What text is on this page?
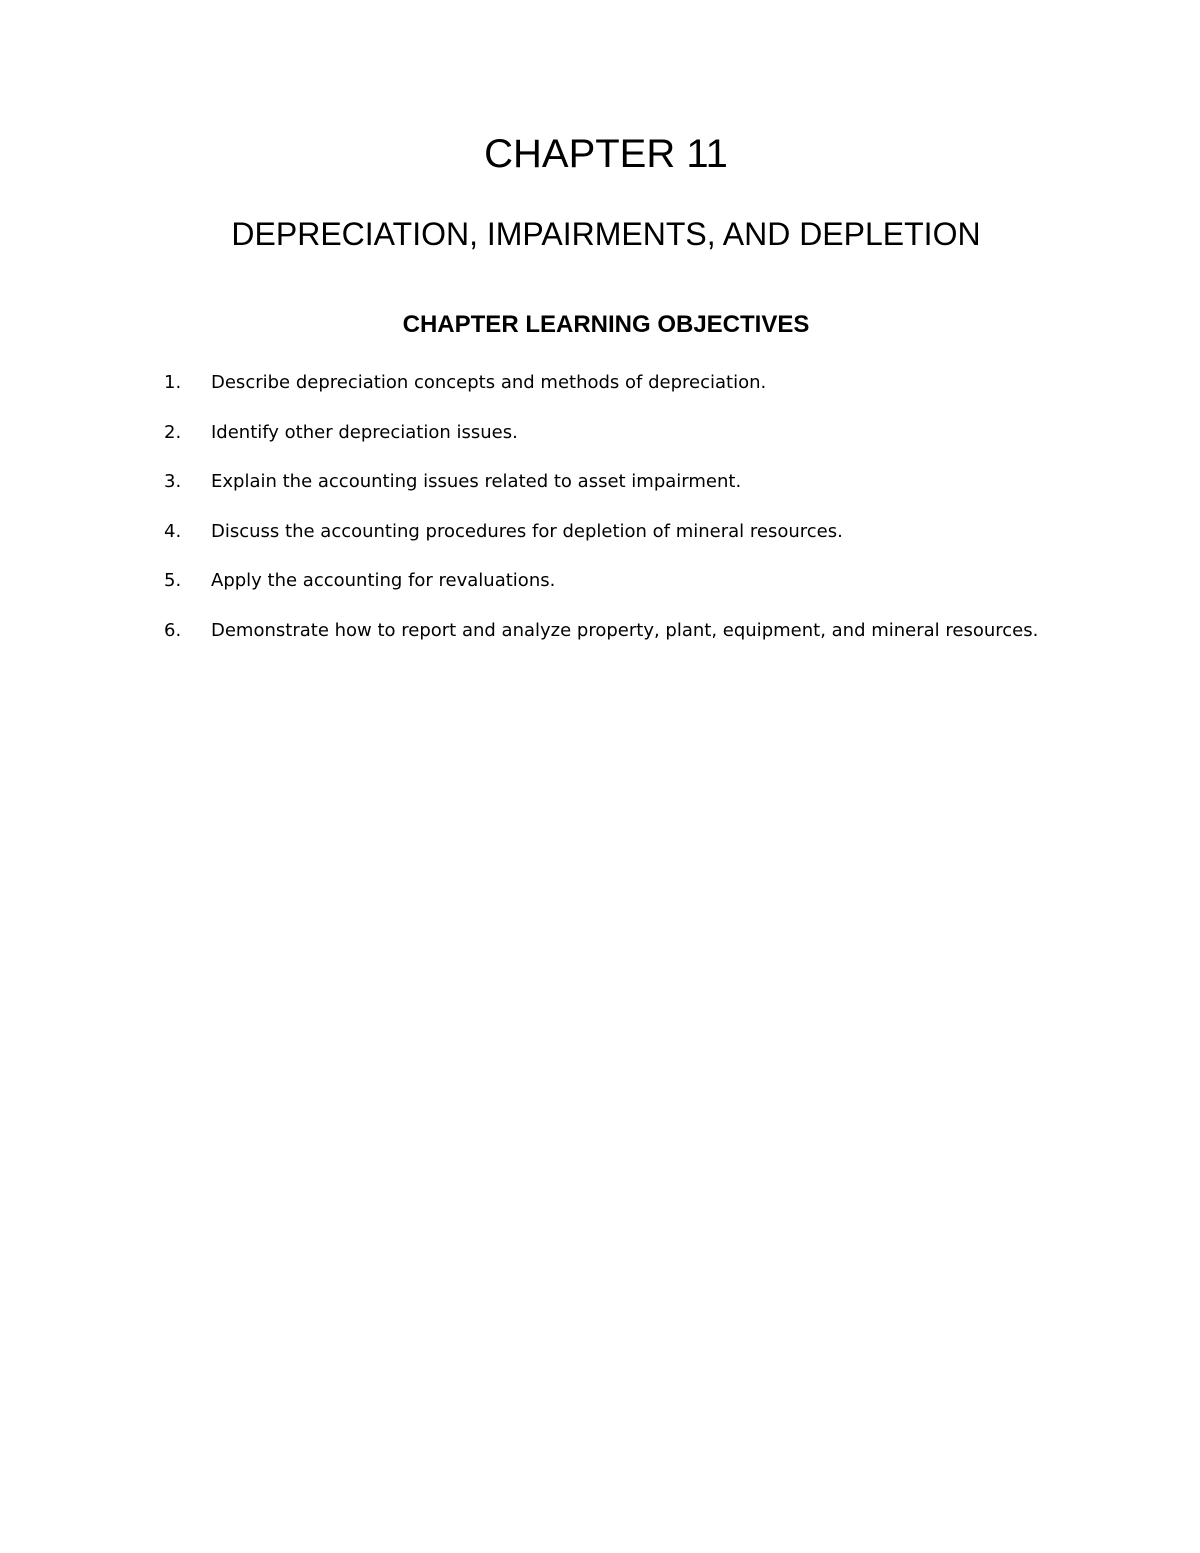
CHAPTER 11
DEPRECIATION, IMPAIRMENTS, AND DEPLETION
CHAPTER LEARNING OBJECTIVES
1. Describe depreciation concepts and methods of depreciation.
2. Identify other depreciation issues.
3. Explain the accounting issues related to asset impairment.
4. Discuss the accounting procedures for depletion of mineral resources.
5. Apply the accounting for revaluations.
6. Demonstrate how to report and analyze property, plant, equipment, and mineral resources.
